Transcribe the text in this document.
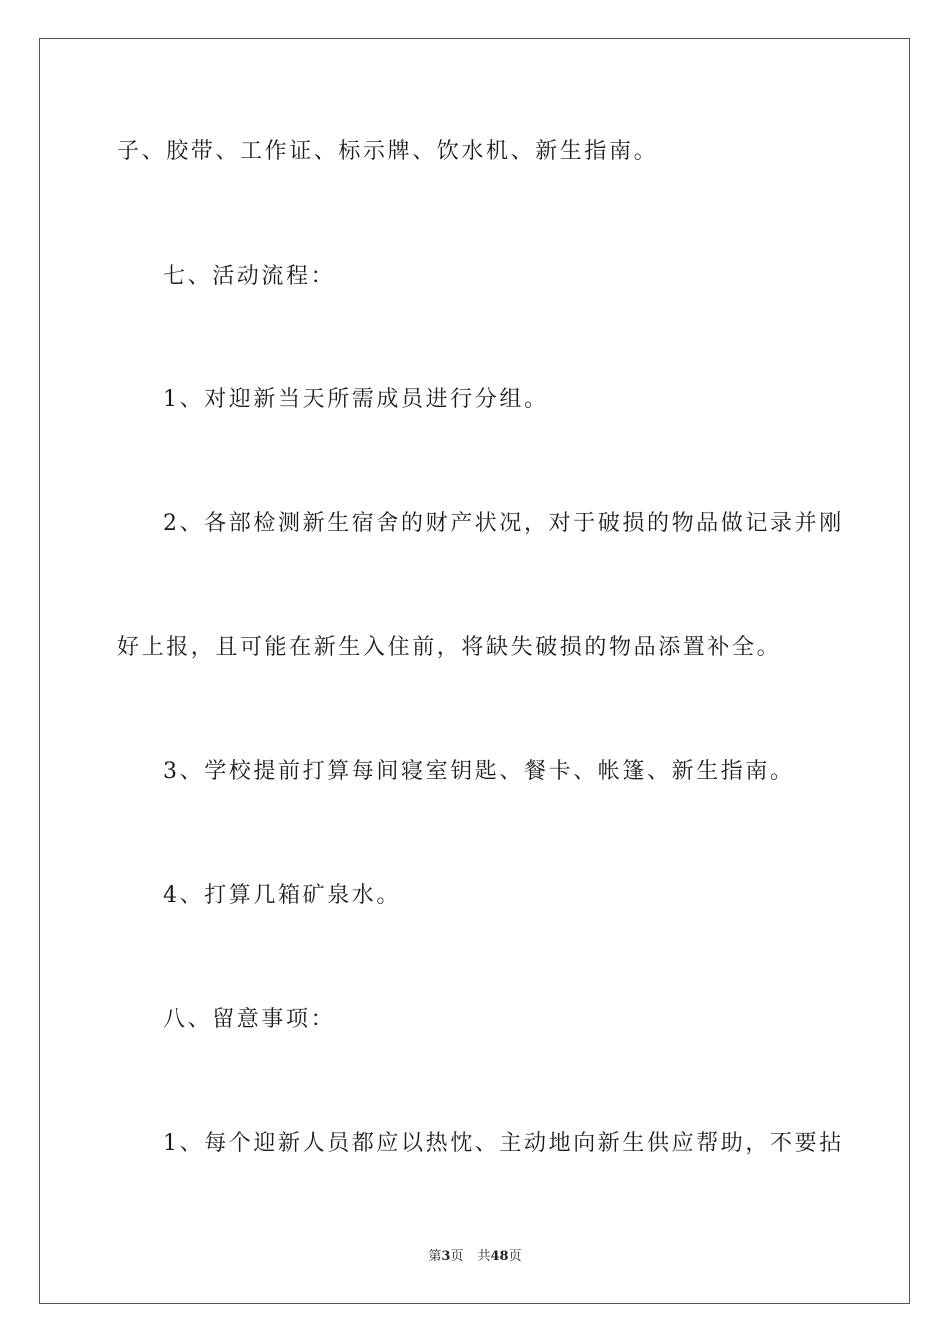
子、胶带、工作证、标示牌、饮水机、新生指南。
七、活动流程：
1、对迎新当天所需成员进行分组。
2、各部检测新生宿舍的财产状况，对于破损的物品做记录并刚
好上报，且可能在新生入住前，将缺失破损的物品添置补全。
3、学校提前打算每间寝室钥匙、餐卡、帐篷、新生指南。
4、打算几箱矿泉水。
八、留意事项：
1、每个迎新人员都应以热忱、主动地向新生供应帮助，不要拈
第3页 共48页
